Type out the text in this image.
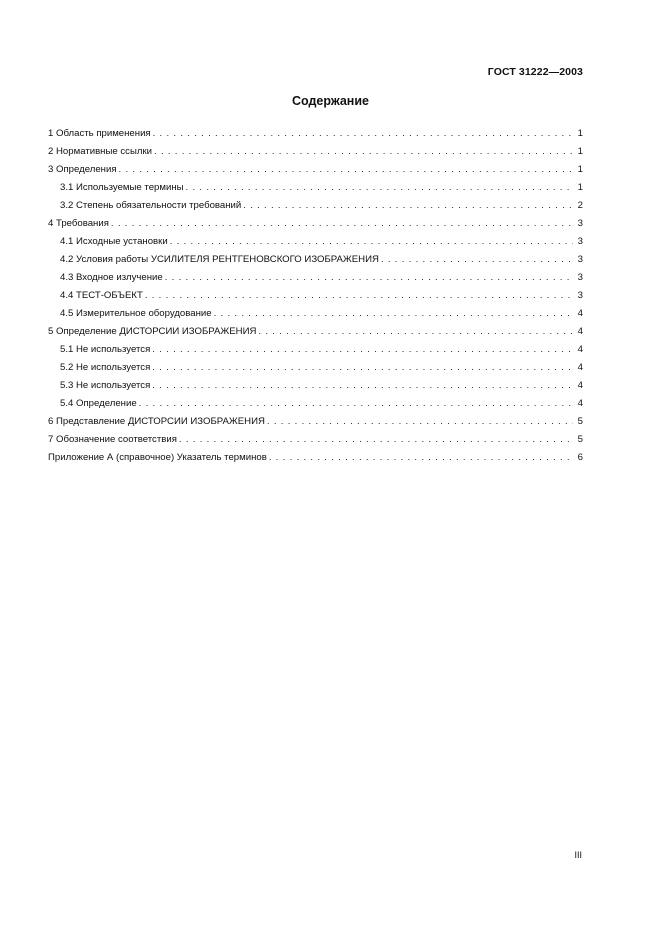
ГОСТ 31222—2003
Содержание
1 Область применения . . .	1
2 Нормативные ссылки . . .	1
3 Определения . . .	1
3.1 Используемые термины . . .	1
3.2 Степень обязательности требований . . .	2
4 Требования . . .	3
4.1 Исходные установки . . .	3
4.2 Условия работы УСИЛИТЕЛЯ РЕНТГЕНОВСКОГО ИЗОБРАЖЕНИЯ . . .	3
4.3 Входное излучение . . .	3
4.4 ТЕСТ-ОБЪЕКТ . . .	3
4.5 Измерительное оборудование . . .	4
5 Определение ДИСТОРСИИ ИЗОБРАЖЕНИЯ . . .	4
5.1 Не используется . . .	4
5.2 Не используется . . .	4
5.3 Не используется . . .	4
5.4 Определение . . .	4
6 Представление ДИСТОРСИИ ИЗОБРАЖЕНИЯ . . .	5
7 Обозначение соответствия . . .	5
Приложение А (справочное) Указатель терминов . . .	6
III
